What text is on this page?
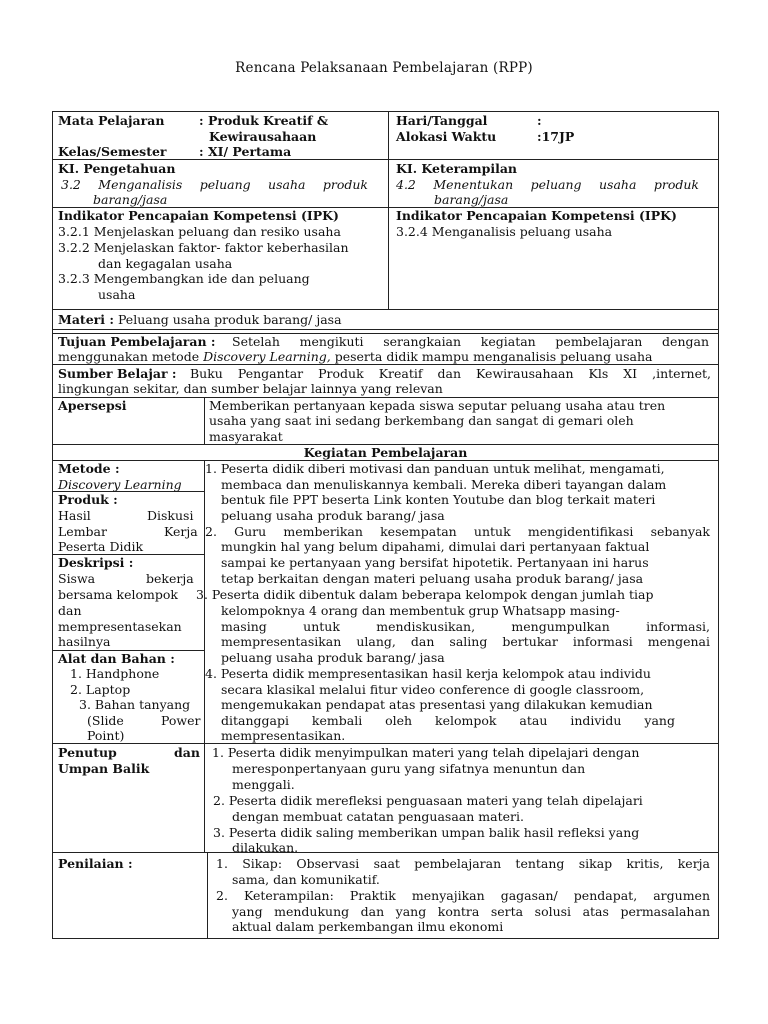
Rencana Pelaksanaan Pembelajaran (RPP)
Mata Pelajaran	: Produk Kreatif &
Kewirausahaan
Kelas/Semester	: XI/ Pertama
Hari/Tanggal	:
Alokasi Waktu	:17JP
KI. Pengetahuan
3.2 Menganalisis peluang usaha produk
barang/jasa
KI. Keterampilan
4.2 Menentukan peluang usaha produk
barang/jasa
Indikator Pencapaian Kompetensi (IPK)
3.2.1 Menjelaskan peluang dan resiko usaha
3.2.2 Menjelaskan faktor- faktor keberhasilan
dan kegagalan usaha
3.2.3 Mengembangkan ide dan peluang
usaha
Indikator Pencapaian Kompetensi (IPK)
3.2.4 Menganalisis peluang usaha
Materi : Peluang usaha produk barang/ jasa
Tujuan Pembelajaran : Setelah mengikuti serangkaian kegiatan pembelajaran dengan
menggunakan metode Discovery Learning, peserta didik mampu menganalisis peluang usaha
Sumber Belajar : Buku Pengantar Produk Kreatif dan Kewirausahaan Kls XI ,internet,
lingkungan sekitar, dan sumber belajar lainnya yang relevan
Apersepsi	Memberikan pertanyaan kepada siswa seputar peluang usaha atau tren
usaha yang saat ini sedang berkembang dan sangat di gemari oleh
masyarakat
Kegiatan Pembelajaran
Metode :
Discovery Learning
Produk :
Hasil	Diskusi
Lembar	Kerja
Peserta Didik
Deskripsi :
Siswa	bekerja
bersama kelompok
dan
mempresentasekan
hasilnya
Alat dan Bahan :
1. Handphone
2. Laptop
3. Bahan tanyang
(Slide	Power
Point)
1. Peserta didik diberi motivasi dan panduan untuk melihat, mengamati,
membaca dan menuliskannya kembali. Mereka diberi tayangan dalam
bentuk file PPT beserta Link konten Youtube dan blog terkait materi
peluang usaha produk barang/ jasa
2. Guru memberikan kesempatan untuk mengidentifikasi sebanyak
mungkin hal yang belum dipahami, dimulai dari pertanyaan faktual
sampai ke pertanyaan yang bersifat hipotetik. Pertanyaan ini harus
tetap berkaitan dengan materi peluang usaha produk barang/ jasa
3. Peserta didik dibentuk dalam beberapa kelompok dengan jumlah tiap
kelompoknya 4 orang dan membentuk grup Whatsapp masing-
masing untuk mendiskusikan, mengumpulkan informasi,
mempresentasikan ulang, dan saling bertukar informasi mengenai
peluang usaha produk barang/ jasa
4. Peserta didik mempresentasikan hasil kerja kelompok atau individu
secara klasikal melalui fitur video conference di google classroom,
mengemukakan pendapat atas presentasi yang dilakukan kemudian
ditanggapi kembali oleh kelompok atau individu yang
mempresentasikan.
Penutup	dan
Umpan Balik
1. Peserta didik menyimpulkan materi yang telah dipelajari dengan
meresponpertanyaan guru yang sifatnya menuntun dan
menggali.
2. Peserta didik merefleksi penguasaan materi yang telah dipelajari
dengan membuat catatan penguasaan materi.
3. Peserta didik saling memberikan umpan balik hasil refleksi yang
dilakukan.
Penilaian :	1. Sikap: Observasi saat pembelajaran tentang sikap kritis, kerja
sama, dan komunikatif.
2. Keterampilan: Praktik menyajikan gagasan/ pendapat, argumen
yang mendukung dan yang kontra serta solusi atas permasalahan
aktual dalam perkembangan ilmu ekonomi
